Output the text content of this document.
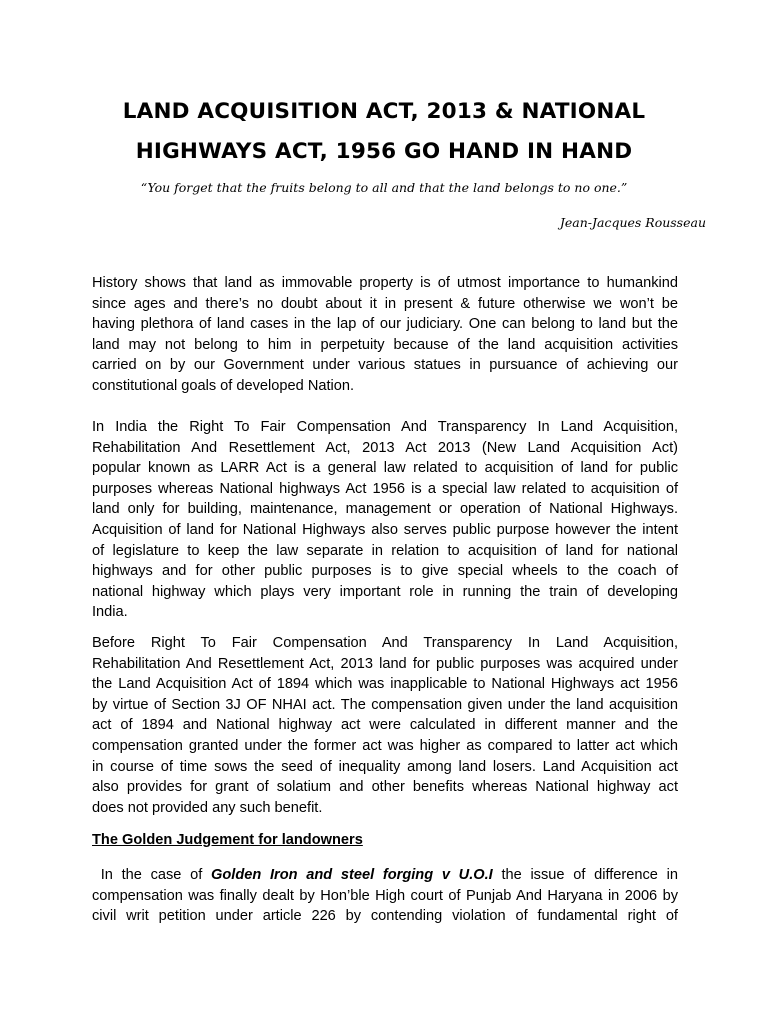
LAND ACQUISITION ACT, 2013 & NATIONAL
HIGHWAYS ACT, 1956 GO HAND IN HAND
“You forget that the fruits belong to all and that the land belongs to no one.”
Jean-Jacques Rousseau
History shows that land as immovable property is of utmost importance to humankind
since ages and there’s no doubt about it in present & future otherwise we won’t be
having plethora of land cases in the lap of our judiciary. One can belong to land but the
land may not belong to him in perpetuity because of the land acquisition activities
carried on by our Government under various statues in pursuance of achieving our
constitutional goals of developed Nation.
In India the Right To Fair Compensation And Transparency In Land Acquisition,
Rehabilitation And Resettlement Act, 2013 Act 2013 (New Land Acquisition Act)
popular known as LARR Act is a general law related to acquisition of land for public
purposes whereas National highways Act 1956 is a special law related to acquisition of
land only for building, maintenance, management or operation of National Highways.
Acquisition of land for National Highways also serves public purpose however the intent
of legislature to keep the law separate in relation to acquisition of land for national
highways and for other public purposes is to give special wheels to the coach of
national highway which plays very important role in running the train of developing
India.
Before Right To Fair Compensation And Transparency In Land Acquisition,
Rehabilitation And Resettlement Act, 2013 land for public purposes was acquired under
the Land Acquisition Act of 1894 which was inapplicable to National Highways act 1956
by virtue of Section 3J OF NHAI act. The compensation given under the land acquisition
act of 1894 and National highway act were calculated in different manner and the
compensation granted under the former act was higher as compared to latter act which
in course of time sows the seed of inequality among land losers. Land Acquisition act
also provides for grant of solatium and other benefits whereas National highway act
does not provided any such benefit.
The Golden Judgement for landowners
In the case of Golden Iron and steel forging v U.O.I the issue of difference in
compensation was finally dealt by Hon’ble High court of Punjab And Haryana in 2006 by
civil writ petition under article 226 by contending violation of fundamental right of
